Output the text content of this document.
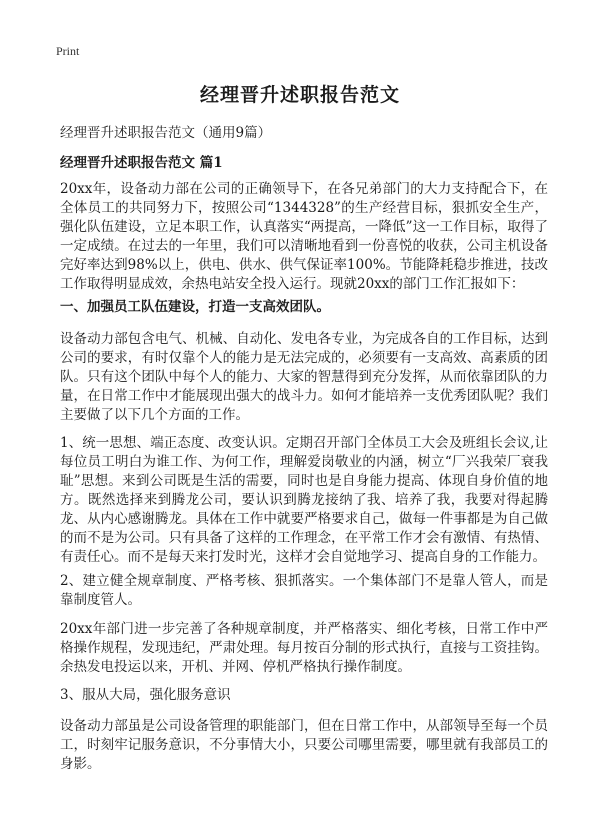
Print
经理晋升述职报告范文
经理晋升述职报告范文（通用9篇）
经理晋升述职报告范文 篇1

20xx年，设备动力部在公司的正确领导下，在各兄弟部门的大力支持配合下，在全体员工的共同努力下，按照公司“1344328”的生产经营目标，狠抓安全生产，强化队伍建设，立足本职工作，认真落实“两提高，一降低”这一工作目标，取得了一定成绩。在过去的一年里，我们可以清晰地看到一份喜悦的收获，公司主机设备完好率达到98%以上，供电、供水、供气保证率100%。节能降耗稳步推进，技改工作取得明显成效，余热电站安全投入运行。现就20xx的部门工作汇报如下：

一、加强员工队伍建设，打造一支高效团队。

设备动力部包含电气、机械、自动化、发电各专业，为完成各自的工作目标，达到公司的要求，有时仅靠个人的能力是无法完成的，必须要有一支高效、高素质的团队。只有这个团队中每个人的能力、大家的智慧得到充分发挥，从而依靠团队的力量，在日常工作中才能展现出强大的战斗力。如何才能培养一支优秀团队呢？我们主要做了以下几个方面的工作。

1、统一思想、端正态度、改变认识。定期召开部门全体员工大会及班组长会议,让每位员工明白为谁工作、为何工作，理解爱岗敬业的内涵，树立“厂兴我荣厂衰我耻”思想。来到公司既是生活的需要，同时也是自身能力提高、体现自身价值的地方。既然选择来到腾龙公司，要认识到腾龙接纳了我、培养了我，我要对得起腾龙、从内心感谢腾龙。具体在工作中就要严格要求自己，做每一件事都是为自己做的而不是为公司。只有具备了这样的工作理念，在平常工作才会有激情、有热情、有责任心。而不是每天来打发时光，这样才会自觉地学习、提高自身的工作能力。

2、建立健全规章制度、严格考核、狠抓落实。一个集体部门不是靠人管人，而是靠制度管人。

20xx年部门进一步完善了各种规章制度，并严格落实、细化考核，日常工作中严格操作规程，发现违纪，严肃处理。每月按百分制的形式执行，直接与工资挂钩。余热发电投运以来，开机、并网、停机严格执行操作制度。

3、服从大局，强化服务意识

设备动力部虽是公司设备管理的职能部门，但在日常工作中，从部领导至每一个员工，时刻牢记服务意识，不分事情大小，只要公司哪里需要，哪里就有我部员工的身影。
